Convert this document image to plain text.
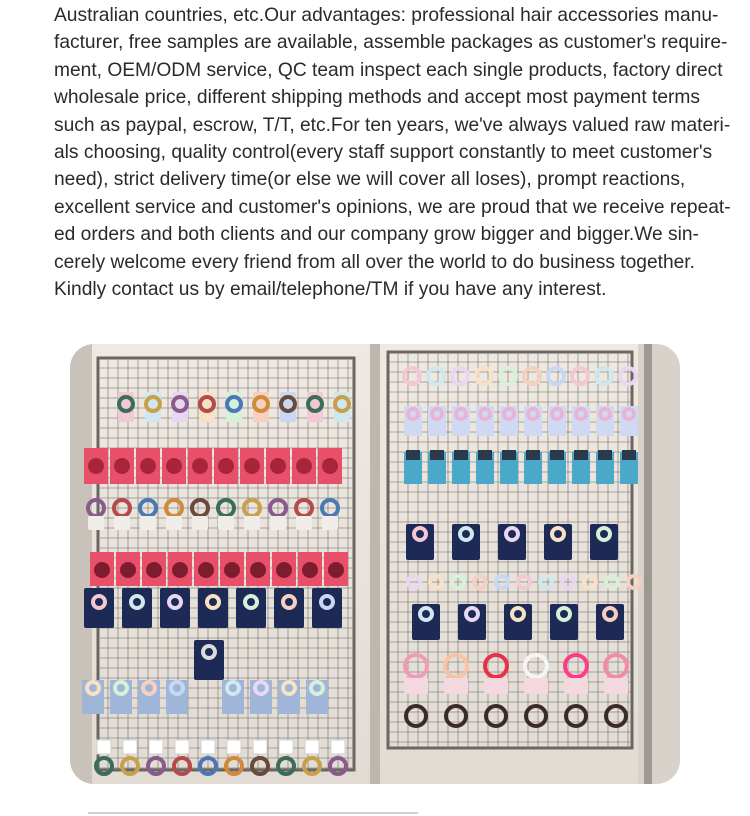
Australian countries, etc.Our advantages: professional hair accessories manu-
facturer, free samples are available, assemble packages as customer's require-
ment, OEM/ODM service, QC team inspect each single products, factory direct
wholesale price, different shipping methods and accept most payment terms
such as paypal, escrow, T/T, etc.For ten years, we've always valued raw materi-
als choosing, quality control(every staff support constantly to meet customer's
need), strict delivery time(or else we will cover all loses), prompt reactions,
excellent service and customer's opinions, we are proud that we receive repeat-
ed orders and both clients and our company grow bigger and bigger.We sin-
cerely welcome every friend from all over the world to do business together.
Kindly contact us by email/telephone/TM if you have any interest.
